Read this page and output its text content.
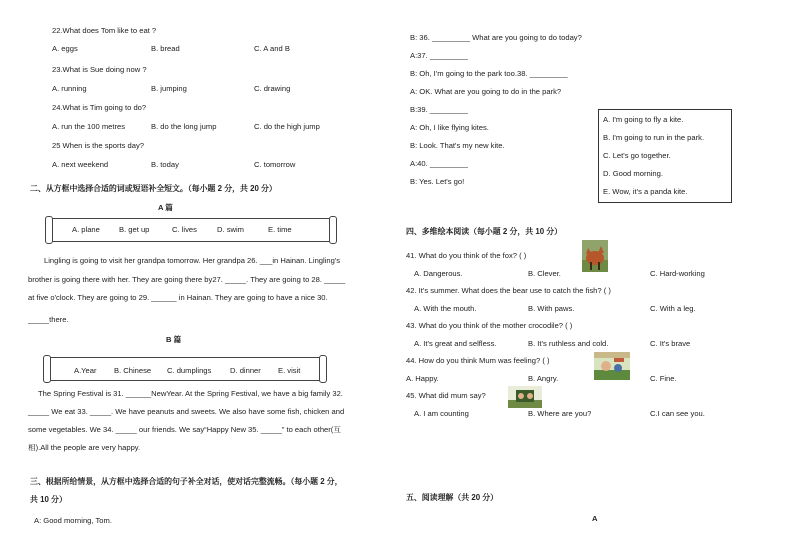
22.What does Tom like to eat ?
A. eggs	B. bread	C. A and B
23.What is Sue doing now ?
A. running	B. jumping	C. drawing
24.What is Tim going to do?
A. run the 100 metres	B. do the long jump	C. do the high jump
25 When is the sports day?
A. next weekend	B. today	C. tomorrow
二、从方框中选择合适的词或短语补全短文。（每小题 2 分，共 20 分）
A 篇
A. plane	B. get up	C. lives	D. swim	E. time
Lingling is going to visit her grandpa tomorrow. Her grandpa 26. ___in Hainan. Lingling's
brother is going there with her. They are going there by27. _____. They are going to 28. _____
at five o'clock. They are going to 29. ______ in Hainan. They are going to have a nice 30.
_____there.
B 篇
A.Year B. Chinese C. dumplings D. dinner E. visit
The Spring Festival is 31. ______NewYear. At the Spring Festival, we have a big family 32.
_____ We eat 33. _____. We have peanuts and sweets. We also have some fish, chicken and
some vegetables. We 34. _____ our friends. We say“Happy New 35. _____” to each other(互
相).All the people are very happy.
三、根据所给情景，从方框中选择合适的句子补全对话，使对话完整流畅。（每小题 2 分，
共 10 分）
A: Good morning, Tom.
B: 36. _________ What are you going to do today?
A:37. _________
B: Oh, I'm going to the park too.38. _________
A: OK. What are you going to do in the park?
B:39. _________
A: Oh, I like flying kites.
B: Look. That's my new kite.
A:40. _________
B: Yes. Let's go!
A. I'm going to fly a kite.
B. I'm going to run in the park.
C. Let's go together.
D. Good morning.
E. Wow, it's a panda kite.
四、多维绘本阅读（每小题 2 分，共 10 分）
41. What do you think of the fox? ( )
A. Dangerous.	B. Clever.	C. Hard-working
42. It's summer. What does the bear use to catch the fish? ( )
A. With the mouth.	B. With paws.	C. With a leg.
43. What do you think of the mother crocodile? ( )
A. It's great and selfless.	B. It's ruthless and cold.	C. It's brave
44. How do you think Mum was feeling? ( )
A. Happy.	B. Angry.	C. Fine.
45. What did mum say?
A. I am counting	B. Where are you?	C.I can see you.
五、阅读理解（共 20 分）
A
